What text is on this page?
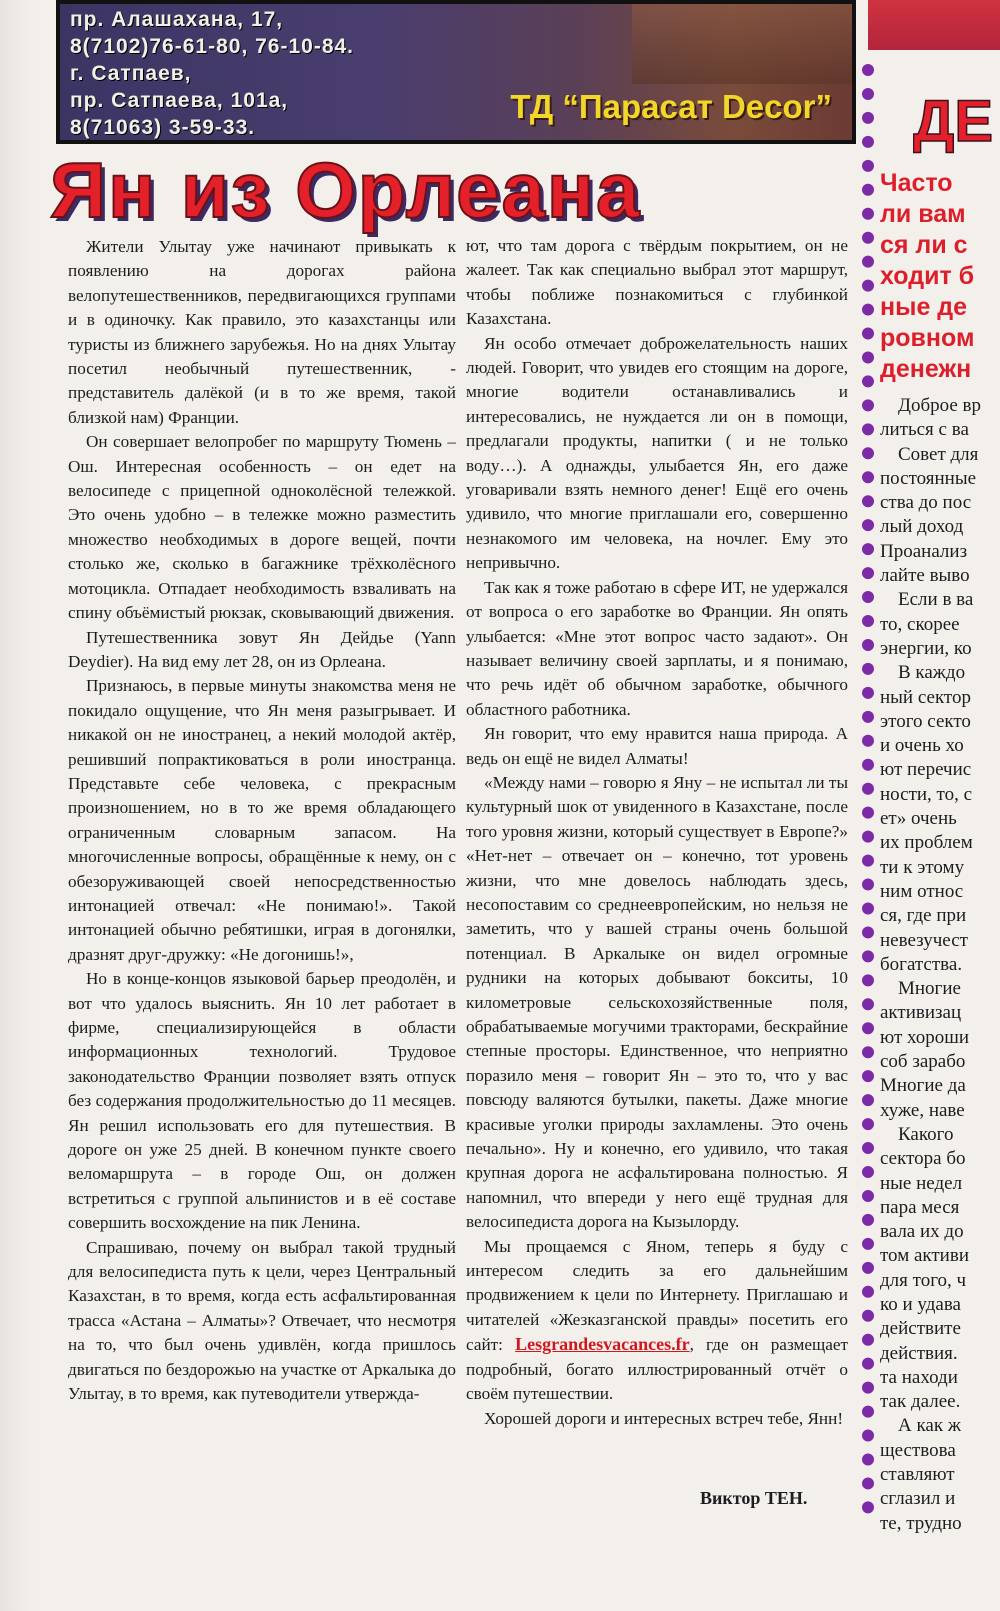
пр. Алашахана, 17,
8(7102)76-61-80, 76-10-84.
г. Сатпаев,
пр. Сатпаева, 101а,
8(71063) 3-59-33.
ТД “Парасат Decor”
Ян из Орлеана

Жители Улытау уже начинают привыкать к появлению на дорогах района велопутешественников, передвигающихся группами и в одиночку. Как правило, это казахстанцы или туристы из ближнего зарубежья. Но на днях Улытау посетил необычный путешественник, - представитель далёкой (и в то же время, такой близкой нам) Франции.

Он совершает велопробег по маршруту Тюмень – Ош. Интересная особенность – он едет на велосипеде с прицепной одноколёсной тележкой. Это очень удобно – в тележке можно разместить множество необходимых в дороге вещей, почти столько же, сколько в багажнике трёхколёсного мотоцикла. Отпадает необходимость взваливать на спину объёмистый рюкзак, сковывающий движения.

Путешественника зовут Ян Дейдье (Yann Deydier). На вид ему лет 28, он из Орлеана.

Признаюсь, в первые минуты знакомства меня не покидало ощущение, что Ян меня разыгрывает. И никакой он не иностранец, а некий молодой актёр, решивший попрактиковаться в роли иностранца. Представьте себе человека, с прекрасным произношением, но в то же время обладающего ограниченным словарным запасом. На многочисленные вопросы, обращённые к нему, он с обезоруживающей своей непосредственностью интонацией отвечал: «Не понимаю!». Такой интонацией обычно ребятишки, играя в догонялки, дразнят друг-дружку: «Не догонишь!»,

Но в конце-концов языковой барьер преодолён, и вот что удалось выяснить. Ян 10 лет работает в фирме, специализирующейся в области информационных технологий. Трудовое законодательство Франции позволяет взять отпуск без содержания продолжительностью до 11 месяцев. Ян решил использовать его для путешествия. В дороге он уже 25 дней. В конечном пункте своего веломаршрута – в городе Ош, он должен встретиться с группой альпинистов и в её составе совершить восхождение на пик Ленина.

Спрашиваю, почему он выбрал такой трудный для велосипедиста путь к цели, через Центральный Казахстан, в то время, когда есть асфальтированная трасса «Астана – Алматы»? Отвечает, что несмотря на то, что был очень удивлён, когда пришлось двигаться по бездорожью на участке от Аркалыка до Улытау, в то время, как путеводители утвержда-

ют, что там дорога с твёрдым покрытием, он не жалеет. Так как специально выбрал этот маршрут, чтобы поближе познакомиться с глубинкой Казахстана.

Ян особо отмечает доброжелательность наших людей. Говорит, что увидев его стоящим на дороге, многие водители останавливались и интересовались, не нуждается ли он в помощи, предлагали продукты, напитки ( и не только воду…). А однажды, улыбается Ян, его даже уговаривали взять немного денег! Ещё его очень удивило, что многие приглашали его, совершенно незнакомого им человека, на ночлег. Ему это непривычно.

Так как я тоже работаю в сфере ИТ, не удержался от вопроса о его заработке во Франции. Ян опять улыбается: «Мне этот вопрос часто задают». Он называет величину своей зарплаты, и я понимаю, что речь идёт об обычном заработке, обычного областного работника.

Ян говорит, что ему нравится наша природа. А ведь он ещё не видел Алматы!

«Между нами – говорю я Яну – не испытал ли ты культурный шок от увиденного в Казахстане, после того уровня жизни, который существует в Европе?» «Нет-нет – отвечает он – конечно, тот уровень жизни, что мне довелось наблюдать здесь, несопоставим со среднеевропейским, но нельзя не заметить, что у вашей страны очень большой потенциал. В Аркалыке он видел огромные рудники на которых добывают бокситы, 10 километровые сельскохозяйственные поля, обрабатываемые могучими тракторами, бескрайние степные просторы. Единственное, что неприятно поразило меня – говорит Ян – это то, что у вас повсюду валяются бутылки, пакеты. Даже многие красивые уголки природы захламлены. Это очень печально». Ну и конечно, его удивило, что такая крупная дорога не асфальтирована полностью. Я напомнил, что впереди у него ещё трудная для велосипедиста дорога на Кызылорду.

Мы прощаемся с Яном, теперь я буду с интересом следить за его дальнейшим продвижением к цели по Интернету. Приглашаю и читателей «Жезказганской правды» посетить его сайт: Lesgrandesvacances.fr, где он размещает подробный, богато иллюстрированный отчёт о своём путешествии.

Хорошей дороги и интересных встреч тебе, Янн!

Виктор ТЕН.
ДЕ
Часто
ли вам
ся ли с
ходит б
ные де
ровном
денежн
Доброе вр
литься с ва
Совет для
постоянные
ства до пос
лый доход
Проанализ
лайте выво
Если в ва
то, скорее
энергии, ко
В каждо
ный сектор
этого секто
и очень хо
ют перечис
ности, то, с
ет» очень
их проблем
ти к этому
ним относ
ся, где при
невезучест
богатства.
Многие
активизац
ют хороши
соб зарабо
Многие да
хуже, наве
Какого
сектора бо
ные недел
пара меся
вала их до
том активи
для того, ч
ко и удава
действите
действия.
та находи
так далее.
А как ж
ществова
ставляют
сглазил и
те, трудно
